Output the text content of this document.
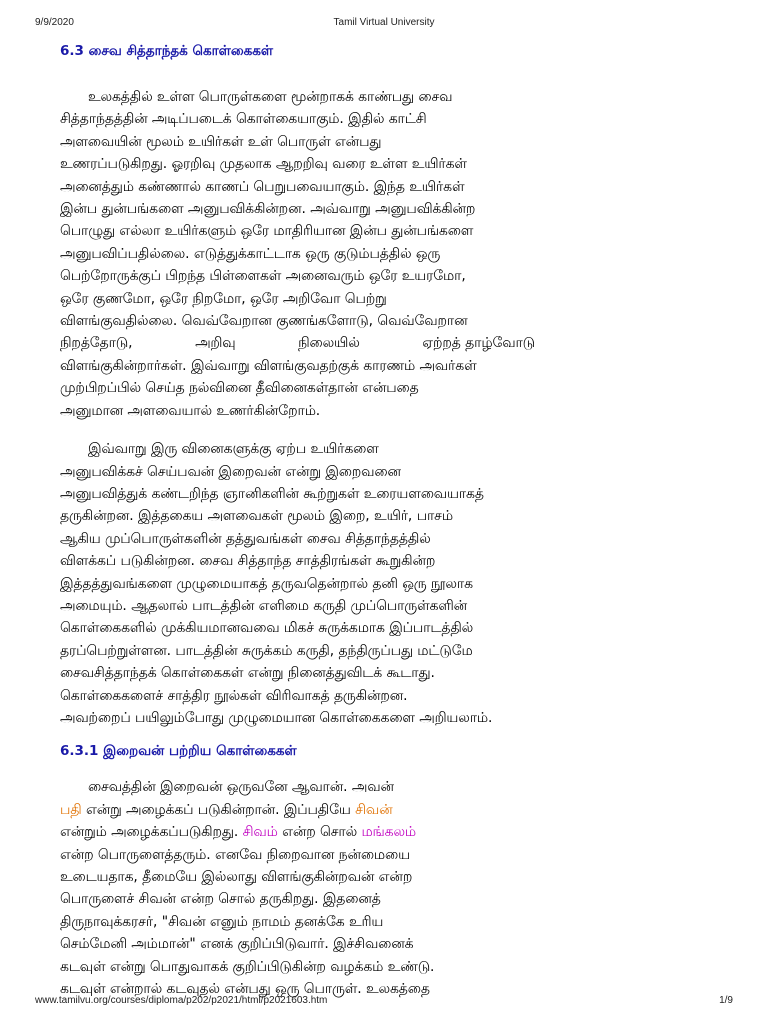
9/9/2020	Tamil Virtual University
6.3 சைவ சித்தாந்தக் கொள்கைகள்
உலகத்தில் உள்ள பொருள்களை மூன்றாகக் காண்பது சைவ
சித்தாந்தத்தின் அடிப்படைக் கொள்கையாகும். இதில் காட்சி
அளவையின் மூலம் உயிர்கள் உள் பொருள் என்பது
உணரப்படுகிறது. ஓரறிவு முதலாக ஆறறிவு வரை உள்ள உயிர்கள்
அனைத்தும் கண்ணால் காணப் பெறுபவையாகும். இந்த உயிர்கள்
இன்ப துன்பங்களை அனுபவிக்கின்றன. அவ்வாறு அனுபவிக்கின்ற
பொழுது எல்லா உயிர்களும் ஒரே மாதிரியான இன்ப துன்பங்களை
அனுபவிப்பதில்லை. எடுத்துக்காட்டாக ஒரு குடும்பத்தில் ஒரு
பெற்றோருக்குப் பிறந்த பிள்ளைகள் அனைவரும் ஒரே உயரமோ,
ஒரே குணமோ, ஒரே நிறமோ, ஒரே அறிவோ பெற்று
விளங்குவதில்லை. வெவ்வேறான குணங்களோடு, வெவ்வேறான
நிறத்தோடு,	அறிவு	நிலையில்	ஏற்றத் தாழ்வோடு
விளங்குகின்றார்கள். இவ்வாறு விளங்குவதற்குக் காரணம் அவர்கள்
முற்பிறப்பில் செய்த நல்வினை தீவினைகள்தான் என்பதை
அனுமான அளவையால் உணர்கின்றோம்.
இவ்வாறு இரு வினைகளுக்கு ஏற்ப உயிர்களை
அனுபவிக்கச் செய்பவன் இறைவன் என்று இறைவனை
அனுபவித்துக் கண்டறிந்த ஞானிகளின் கூற்றுகள் உரையளவையாகத்
தருகின்றன. இத்தகைய அளவைகள் மூலம் இறை, உயிர், பாசம்
ஆகிய முப்பொருள்களின் தத்துவங்கள் சைவ சித்தாந்தத்தில்
விளக்கப் படுகின்றன. சைவ சித்தாந்த சாத்திரங்கள் கூறுகின்ற
இத்தத்துவங்களை முழுமையாகத் தருவதென்றால் தனி ஒரு நூலாக
அமையும். ஆதலால் பாடத்தின் எளிமை கருதி முப்பொருள்களின்
கொள்கைகளில் முக்கியமானவவை மிகச் சுருக்கமாக இப்பாடத்தில்
தரப்பெற்றுள்ளன. பாடத்தின் சுருக்கம் கருதி, தந்திருப்பது மட்டுமே
சைவசித்தாந்தக் கொள்கைகள் என்று நினைத்துவிடக் கூடாது.
கொள்கைகளைச் சாத்திர நூல்கள் விரிவாகத் தருகின்றன.
அவற்றைப் பயிலும்போது முழுமையான கொள்கைகளை அறியலாம்.
6.3.1 இறைவன் பற்றிய கொள்கைகள்
சைவத்தின் இறைவன் ஒருவனே ஆவான். அவன்
பதி என்று அழைக்கப் படுகின்றான். இப்பதியே சிவன்
என்றும் அழைக்கப்படுகிறது. சிவம் என்ற சொல் மங்கலம்
என்ற பொருளைத்தரும். எனவே நிறைவான நன்மையை
உடையதாக, தீமையே இல்லாது விளங்குகின்றவன் என்ற
பொருளைச் சிவன் என்ற சொல் தருகிறது. இதனைத்
திருநாவுக்கரசர், "சிவன் எனும் நாமம் தனக்கே உரிய
செம்மேனி அம்மான்" எனக் குறிப்பிடுவார். இச்சிவனைக்
கடவுள் என்று பொதுவாகக் குறிப்பிடுகின்ற வழக்கம் உண்டு.
கடவுள் என்றால் கடவுதல் என்பது ஒரு பொருள். உலகத்தை
www.tamilvu.org/courses/diploma/p202/p2021/html/p2021603.htm	1/9
